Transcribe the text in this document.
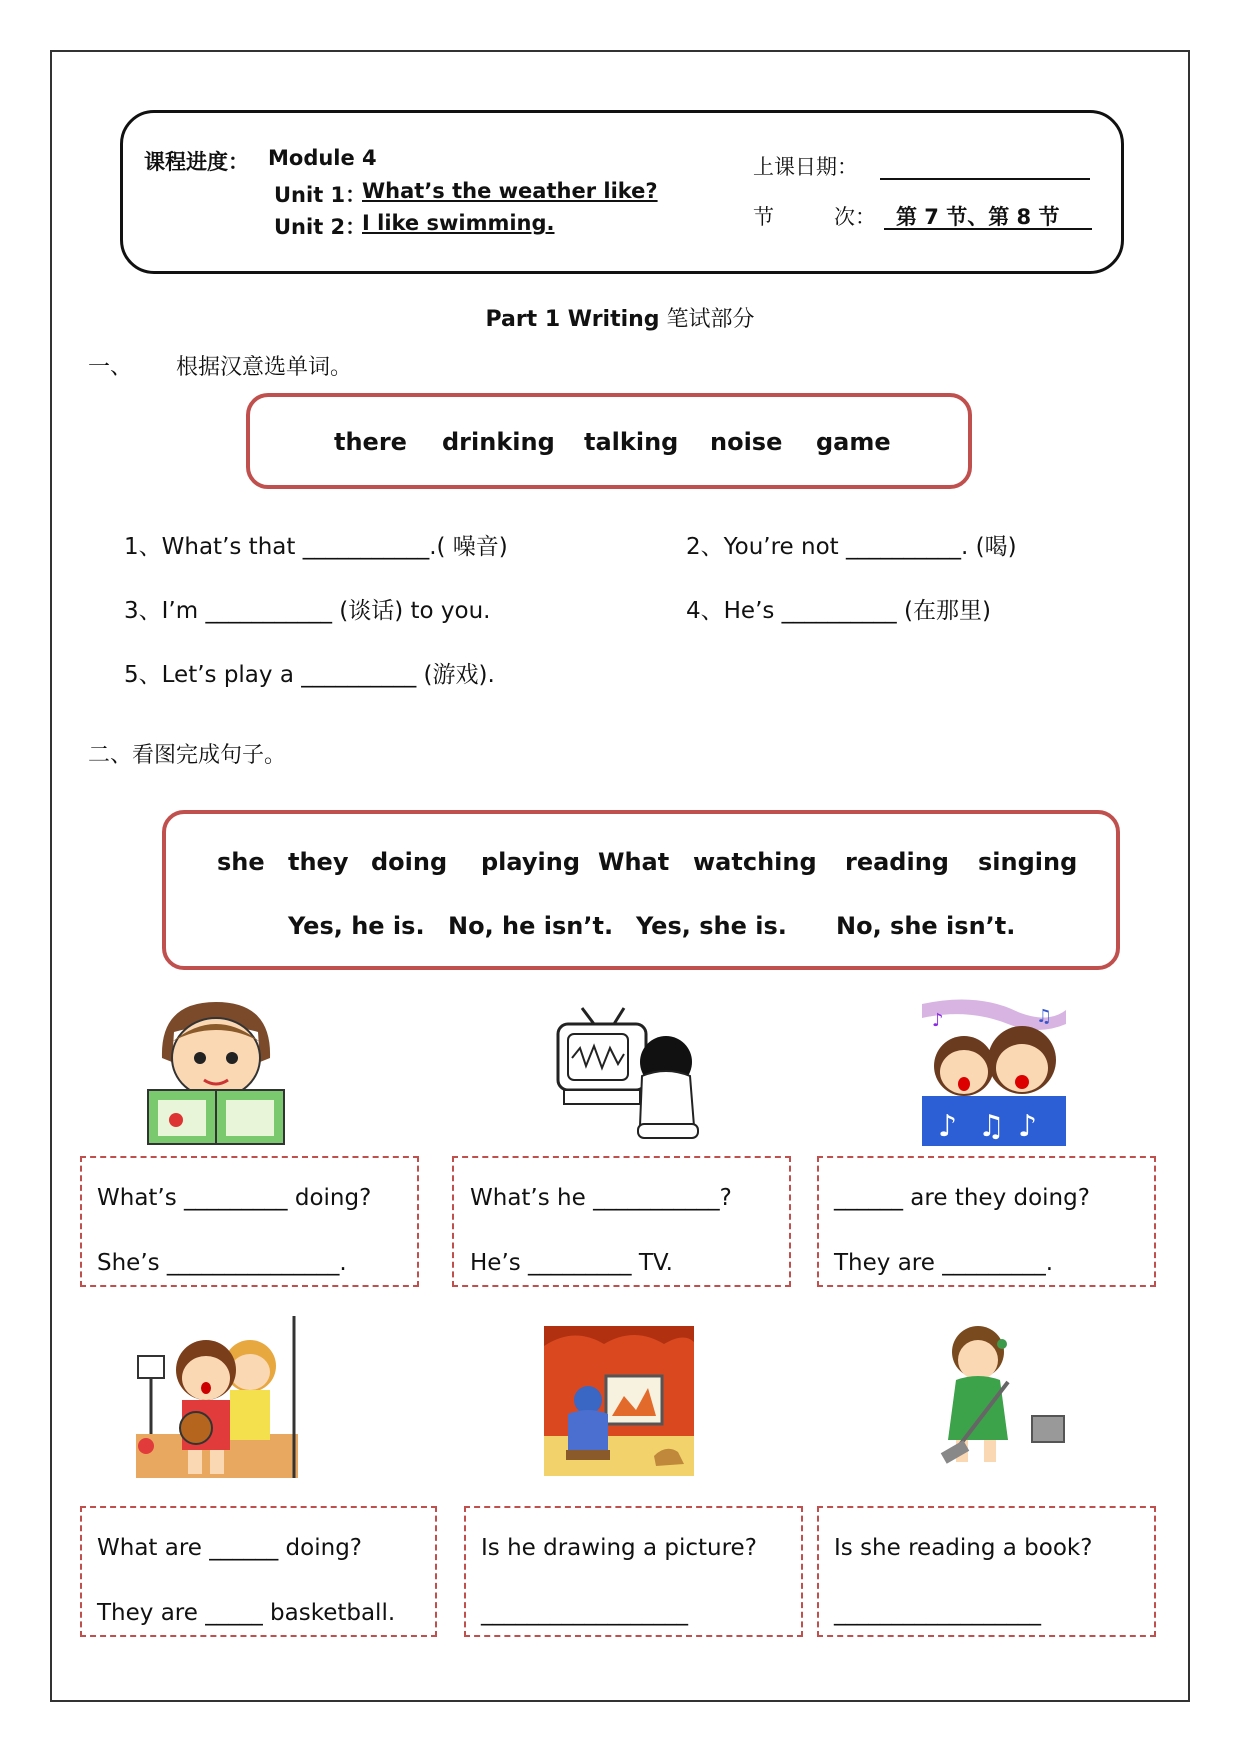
课程进度： Module 4
Unit 1：
What’s the weather like?
Unit 2：
I like swimming.
上课日期：
节	次： 第 7 节、第 8 节
Part 1 Writing 笔试部分
一、 根据汉意选单词。
there drinking talking noise game
1、What’s that ___________.( 噪音)	2、You’re not __________. (喝)
3、I’m ___________ (谈话) to you.	4、He’s __________ (在那里)
5、Let’s play a __________ (游戏).
二、看图完成句子。
she they doing playing What watching reading singing
Yes, he is. No, he isn’t. Yes, she is. No, she isn’t.
♪	♫
♪ ♫ ♪
What’s _________ doing?
She’s _______________.
What’s he ___________?
He’s _________ TV.
______ are they doing?
They are _________.
What are ______ doing?
They are _____ basketball.
Is he drawing a picture?
__________________
Is she reading a book?
__________________
